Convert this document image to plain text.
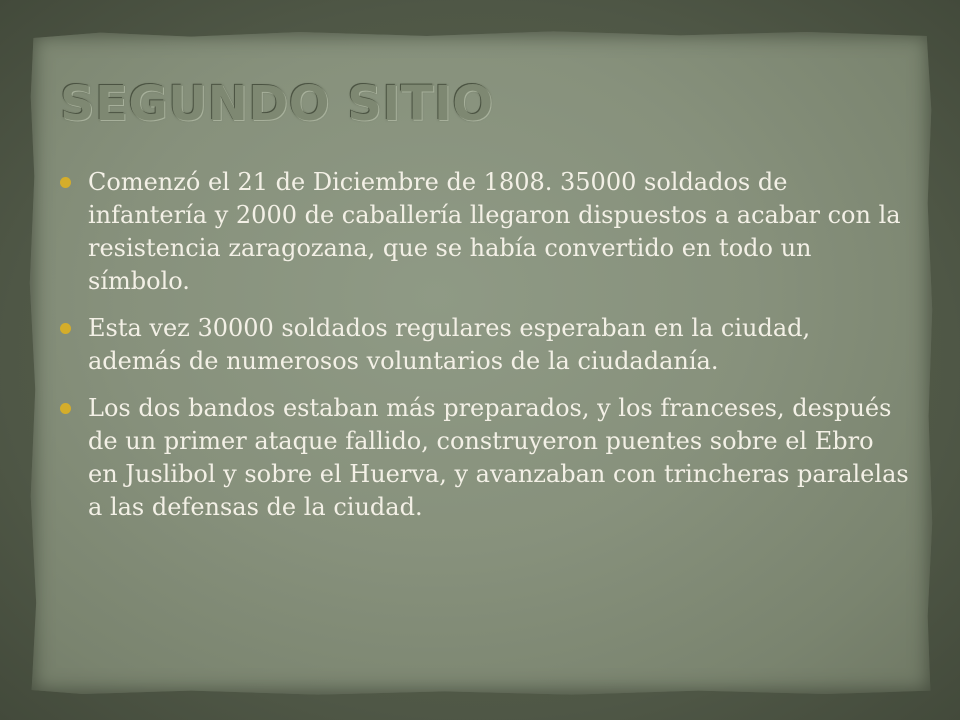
SEGUNDO SITIO
Comenzó el 21 de Diciembre de 1808. 35000 soldados de infantería y 2000 de caballería llegaron dispuestos a acabar con la resistencia zaragozana, que se había convertido en todo un símbolo.
Esta vez 30000 soldados regulares esperaban en la ciudad, además de numerosos voluntarios de la ciudadanía.
Los dos bandos estaban más preparados, y los franceses, después de un primer ataque fallido, construyeron puentes sobre el Ebro en Juslibol y sobre el Huerva, y avanzaban con trincheras paralelas a las defensas de la ciudad.
